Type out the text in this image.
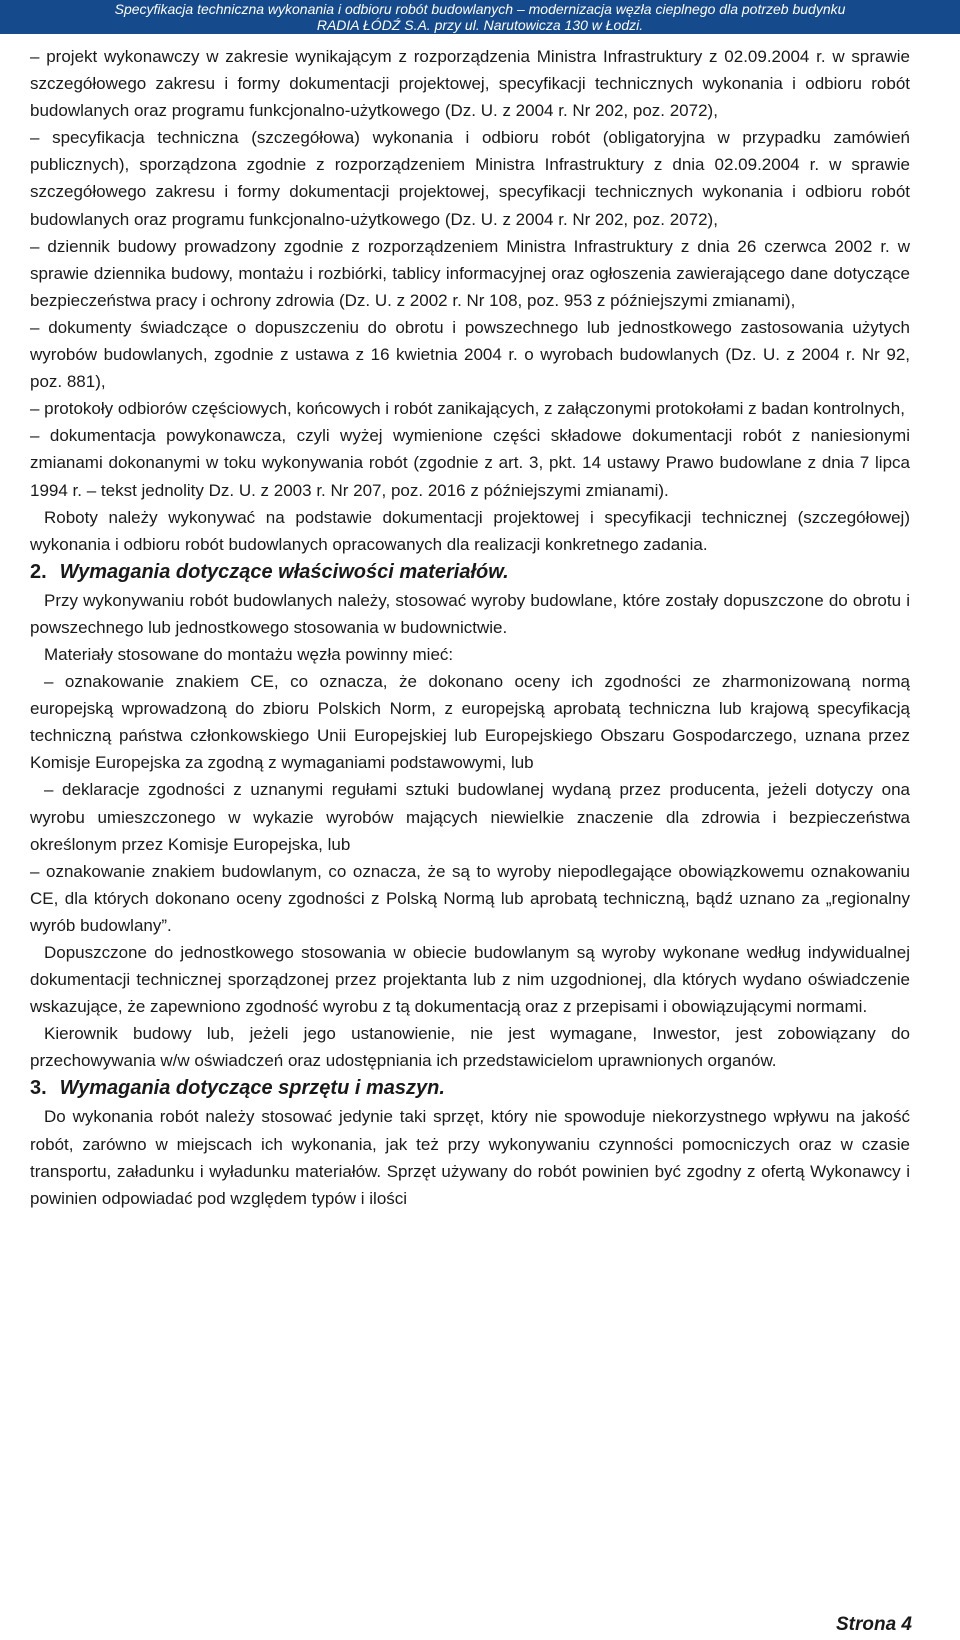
Specyfikacja techniczna wykonania i odbioru robót budowlanych – modernizacja węzła cieplnego dla potrzeb budynku
RADIA ŁÓDŹ S.A. przy ul. Narutowicza 130 w Łodzi.

– projekt wykonawczy w zakresie wynikającym z rozporządzenia Ministra Infrastruktury z 02.09.2004 r. w sprawie szczegółowego zakresu i formy dokumentacji projektowej, specyfikacji technicznych wykonania i odbioru robót budowlanych oraz programu funkcjonalno-użytkowego (Dz. U. z 2004 r. Nr 202, poz. 2072),

– specyfikacja techniczna (szczegółowa) wykonania i odbioru robót (obligatoryjna w przypadku zamówień publicznych), sporządzona zgodnie z rozporządzeniem Ministra Infrastruktury z dnia 02.09.2004 r. w sprawie szczegółowego zakresu i formy dokumentacji projektowej, specyfikacji technicznych wykonania i odbioru robót budowlanych oraz programu funkcjonalno-użytkowego (Dz. U. z 2004 r. Nr 202, poz. 2072),

– dziennik budowy prowadzony zgodnie z rozporządzeniem Ministra Infrastruktury z dnia 26 czerwca 2002 r. w sprawie dziennika budowy, montażu i rozbiórki, tablicy informacyjnej oraz ogłoszenia zawierającego dane dotyczące bezpieczeństwa pracy i ochrony zdrowia (Dz. U. z 2002 r. Nr 108, poz. 953 z późniejszymi zmianami),

– dokumenty świadczące o dopuszczeniu do obrotu i powszechnego lub jednostkowego zastosowania użytych wyrobów budowlanych, zgodnie z ustawa z 16 kwietnia 2004 r. o wyrobach budowlanych (Dz. U. z 2004 r. Nr 92, poz. 881),

– protokoły odbiorów częściowych, końcowych i robót zanikających, z załączonymi protokołami z badan kontrolnych,

– dokumentacja powykonawcza, czyli wyżej wymienione części składowe dokumentacji robót z naniesionymi zmianami dokonanymi w toku wykonywania robót (zgodnie z art. 3, pkt. 14 ustawy Prawo budowlane z dnia 7 lipca 1994 r. – tekst jednolity Dz. U. z 2003 r. Nr 207, poz. 2016 z późniejszymi zmianami).

Roboty należy wykonywać na podstawie dokumentacji projektowej i specyfikacji technicznej (szczegółowej) wykonania i odbioru robót budowlanych opracowanych dla realizacji konkretnego zadania.

2. Wymagania dotyczące właściwości materiałów.

Przy wykonywaniu robót budowlanych należy, stosować wyroby budowlane, które zostały dopuszczone do obrotu i powszechnego lub jednostkowego stosowania w budownictwie.

Materiały stosowane do montażu węzła powinny mieć:

– oznakowanie znakiem CE, co oznacza, że dokonano oceny ich zgodności ze zharmonizowaną normą europejską wprowadzoną do zbioru Polskich Norm, z europejską aprobatą techniczna lub krajową specyfikacją techniczną państwa członkowskiego Unii Europejskiej lub Europejskiego Obszaru Gospodarczego, uznana przez Komisje Europejska za zgodną z wymaganiami podstawowymi, lub

– deklaracje zgodności z uznanymi regułami sztuki budowlanej wydaną przez producenta, jeżeli dotyczy ona wyrobu umieszczonego w wykazie wyrobów mających niewielkie znaczenie dla zdrowia i bezpieczeństwa określonym przez Komisje Europejska, lub

– oznakowanie znakiem budowlanym, co oznacza, że są to wyroby niepodlegające obowiązkowemu oznakowaniu CE, dla których dokonano oceny zgodności z Polską Normą lub aprobatą techniczną, bądź uznano za „regionalny wyrób budowlany”.

Dopuszczone do jednostkowego stosowania w obiecie budowlanym są wyroby wykonane według indywidualnej dokumentacji technicznej sporządzonej przez projektanta lub z nim uzgodnionej, dla których wydano oświadczenie wskazujące, że zapewniono zgodność wyrobu z tą dokumentacją oraz z przepisami i obowiązującymi normami.

Kierownik budowy lub, jeżeli jego ustanowienie, nie jest wymagane, Inwestor, jest zobowiązany do przechowywania w/w oświadczeń oraz udostępniania ich przedstawicielom uprawnionych organów.

3. Wymagania dotyczące sprzętu i maszyn.

Do wykonania robót należy stosować jedynie taki sprzęt, który nie spowoduje niekorzystnego wpływu na jakość robót, zarówno w miejscach ich wykonania, jak też przy wykonywaniu czynności pomocniczych oraz w czasie transportu, załadunku i wyładunku materiałów. Sprzęt używany do robót powinien być zgodny z ofertą Wykonawcy i powinien odpowiadać pod względem typów i ilości

Strona 4
